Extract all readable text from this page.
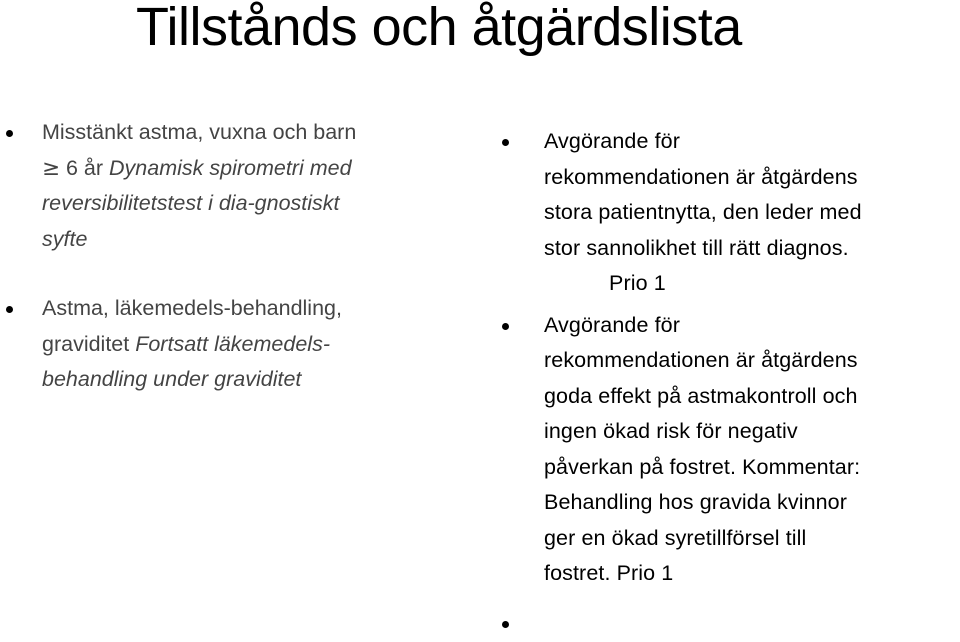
Tillstånds och åtgärdslista
Misstänkt astma, vuxna och barn
≥ 6 år Dynamisk spirometri med
reversibilitetstest i dia-gnostiskt
syfte
Astma, läkemedels-behandling,
graviditet Fortsatt läkemedels-
behandling under graviditet
Avgörande för
rekommendationen är åtgärdens
stora patientnytta, den leder med
stor sannolikhet till rätt diagnos.
Prio 1
Avgörande för
rekommendationen är åtgärdens
goda effekt på astmakontroll och
ingen ökad risk för negativ
påverkan på fostret. Kommentar:
Behandling hos gravida kvinnor
ger en ökad syretillförsel till
fostret. Prio 1
